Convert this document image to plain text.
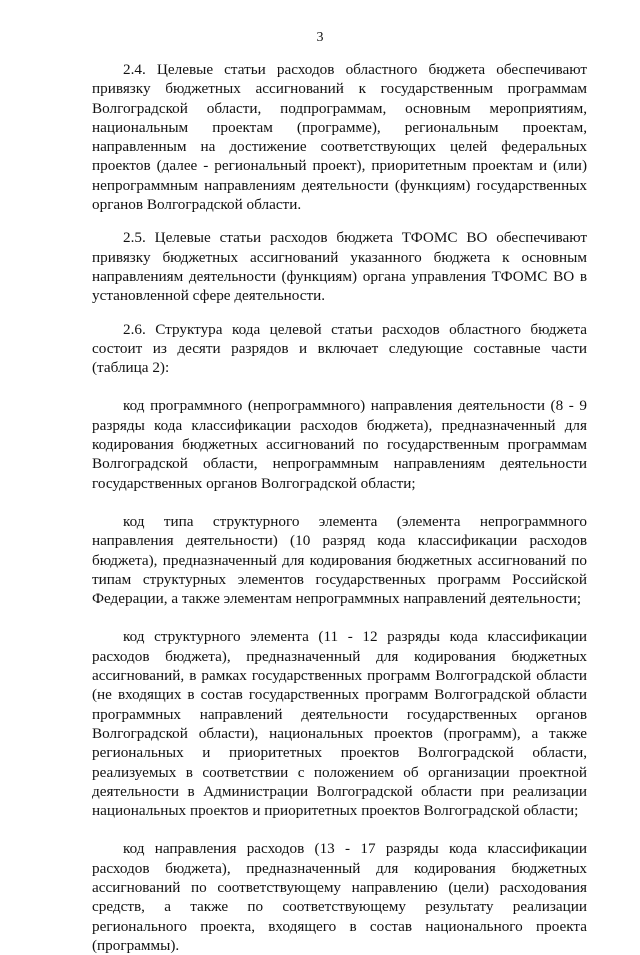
3

2.4. Целевые статьи расходов областного бюджета обеспечивают привязку бюджетных ассигнований к государственным программам Волгоградской области, подпрограммам, основным мероприятиям, национальным проектам (программе), региональным проектам, направленным на достижение соответствующих целей федеральных проектов (далее - региональный проект), приоритетным проектам и (или) непрограммным направлениям деятельности (функциям) государственных органов Волгоградской области.

2.5. Целевые статьи расходов бюджета ТФОМС ВО обеспечивают привязку бюджетных ассигнований указанного бюджета к основным направлениям деятельности (функциям) органа управления ТФОМС ВО в установленной сфере деятельности.

2.6. Структура кода целевой статьи расходов областного бюджета состоит из десяти разрядов и включает следующие составные части (таблица 2):

код программного (непрограммного) направления деятельности (8 - 9 разряды кода классификации расходов бюджета), предназначенный для кодирования бюджетных ассигнований по государственным программам Волгоградской области, непрограммным направлениям деятельности государственных органов Волгоградской области;

код типа структурного элемента (элемента непрограммного направления деятельности) (10 разряд кода классификации расходов бюджета), предназначенный для кодирования бюджетных ассигнований по типам структурных элементов государственных программ Российской Федерации, а также элементам непрограммных направлений деятельности;

код структурного элемента (11 - 12 разряды кода классификации расходов бюджета), предназначенный для кодирования бюджетных ассигнований, в рамках государственных программ Волгоградской области (не входящих в состав государственных программ Волгоградской области программных направлений деятельности государственных органов Волгоградской области), национальных проектов (программ), а также региональных и приоритетных проектов Волгоградской области, реализуемых в соответствии с положением об организации проектной деятельности в Администрации Волгоградской области при реализации национальных проектов и приоритетных проектов Волгоградской области;

код направления расходов (13 - 17 разряды кода классификации расходов бюджета), предназначенный для кодирования бюджетных ассигнований по соответствующему направлению (цели) расходования средств, а также по соответствующему результату реализации регионального проекта, входящего в состав национального проекта (программы).
